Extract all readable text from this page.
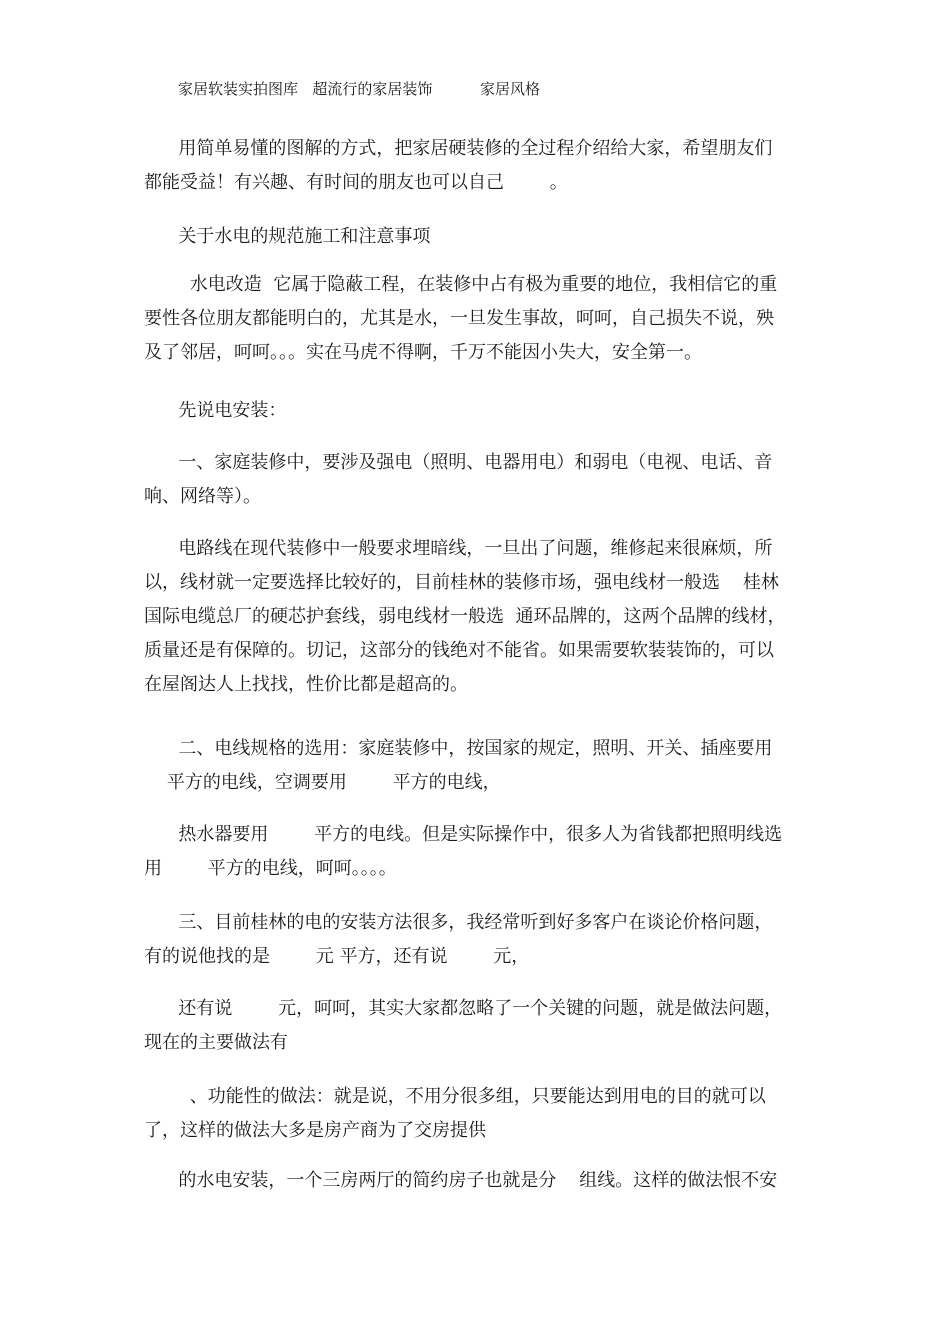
家居软装实拍图库 超流行的家居装饰	家居风格
用简单易懂的图解的方式，把家居硬装修的全过程介绍给大家，希望朋友们
都能受益！有兴趣、有时间的朋友也可以自己        。
关于水电的规范施工和注意事项
水电改造  它属于隐蔽工程，在装修中占有极为重要的地位，我相信它的重
要性各位朋友都能明白的，尤其是水，一旦发生事故，呵呵，自己损失不说，殃
及了邻居，呵呵。。。实在马虎不得啊，千万不能因小失大，安全第一。
先说电安装：
一、家庭装修中，要涉及强电（照明、电器用电）和弱电（电视、电话、音
响、网络等）。
电路线在现代装修中一般要求埋暗线，一旦出了问题，维修起来很麻烦，所
以，线材就一定要选择比较好的，目前桂林的装修市场，强电线材一般选    桂林
国际电缆总厂的硬芯护套线，弱电线材一般选  通环品牌的，这两个品牌的线材，
质量还是有保障的。切记，这部分的钱绝对不能省。如果需要软装装饰的，可以
在屋阁达人上找找，性价比都是超高的。
二、电线规格的选用：家庭装修中，按国家的规定，照明、开关、插座要用
平方的电线，空调要用        平方的电线，
热水器要用        平方的电线。但是实际操作中，很多人为省钱都把照明线选
用        平方的电线，呵呵。。。。
三、目前桂林的电的安装方法很多，我经常听到好多客户在谈论价格问题，
有的说他找的是        元 平方，还有说        元，
还有说        元，呵呵，其实大家都忽略了一个关键的问题，就是做法问题，
现在的主要做法有
、功能性的做法：就是说，不用分很多组，只要能达到用电的目的就可以
了，这样的做法大多是房产商为了交房提供
的水电安装，一个三房两厅的简约房子也就是分    组线。这样的做法恨不安
